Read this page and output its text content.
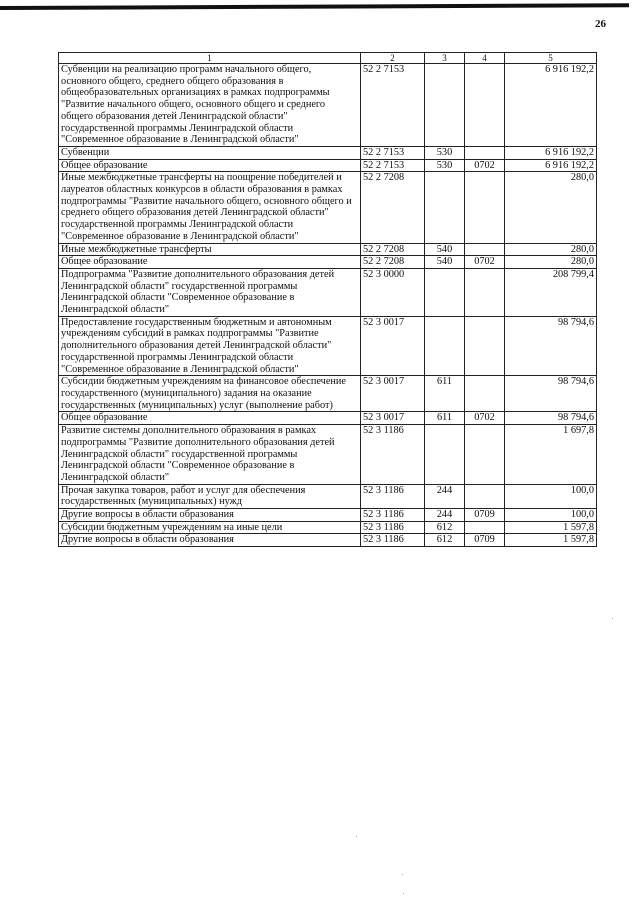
26
1	2	3	4	5
Субвенции на реализацию программ начального общего, основного общего, среднего общего образования в общеобразовательных организациях в рамках подпрограммы "Развитие начального общего, основного общего и среднего общего образования детей Ленинградской области" государственной программы Ленинградской области "Современное образование в Ленинградской области"	52 2 7153			6 916 192,2
Субвенции	52 2 7153	530		6 916 192,2
Общее образование	52 2 7153	530	0702	6 916 192,2
Иные межбюджетные трансферты на поощрение победителей и лауреатов областных конкурсов в области образования в рамках подпрограммы "Развитие начального общего, основного общего и среднего общего образования детей Ленинградской области" государственной программы Ленинградской области "Современное образование в Ленинградской области"	52 2 7208			280,0
Иные межбюджетные трансферты	52 2 7208	540		280,0
Общее образование	52 2 7208	540	0702	280,0
Подпрограмма "Развитие дополнительного образования детей Ленинградской области" государственной программы Ленинградской области "Современное образование в Ленинградской области"	52 3 0000			208 799,4
Предоставление государственным бюджетным и автономным учреждениям субсидий в рамках подпрограммы "Развитие дополнительного образования детей Ленинградской области" государственной программы Ленинградской области "Современное образование в Ленинградской области"	52 3 0017			98 794,6
Субсидии бюджетным учреждениям на финансовое обеспечение государственного (муниципального) задания на оказание государственных (муниципальных) услуг (выполнение работ)	52 3 0017	611		98 794,6
Общее образование	52 3 0017	611	0702	98 794,6
Развитие системы дополнительного образования в рамках подпрограммы "Развитие дополнительного образования детей Ленинградской области" государственной программы Ленинградской области "Современное образование в Ленинградской области"	52 3 1186			1 697,8
Прочая закупка товаров, работ и услуг для обеспечения государственных (муниципальных) нужд	52 3 1186	244		100,0
Другие вопросы в области образования	52 3 1186	244	0709	100,0
Субсидии бюджетным учреждениям на иные цели	52 3 1186	612		1 597,8
Другие вопросы в области образования	52 3 1186	612	0709	1 597,8
